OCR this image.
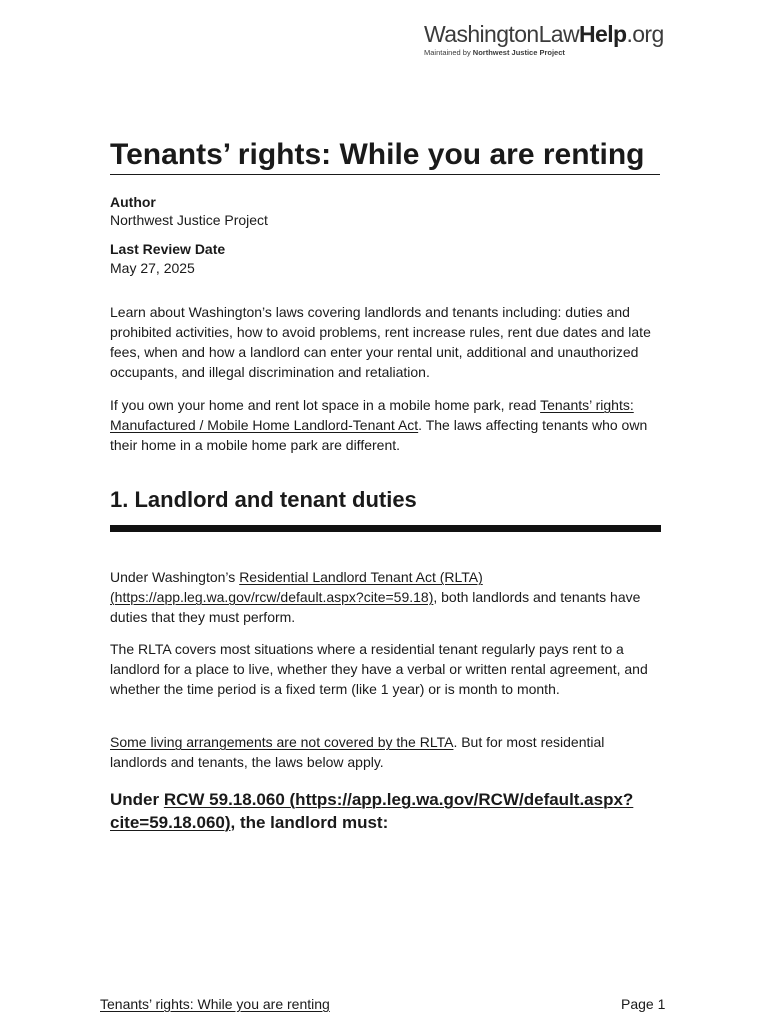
WashingtonLawHelp.org
Maintained by Northwest Justice Project
Tenants’ rights: While you are renting
Author
Northwest Justice Project
Last Review Date
May 27, 2025

Learn about Washington’s laws covering landlords and tenants including: duties and prohibited activities, how to avoid problems, rent increase rules, rent due dates and late fees, when and how a landlord can enter your rental unit, additional and unauthorized occupants, and illegal discrimination and retaliation.

If you own your home and rent lot space in a mobile home park, read Tenants’ rights: Manufactured / Mobile Home Landlord-Tenant Act. The laws affecting tenants who own their home in a mobile home park are different.

1. Landlord and tenant duties

Under Washington’s Residential Landlord Tenant Act (RLTA) (https://app.leg.wa.gov/rcw/default.aspx?cite=59.18), both landlords and tenants have duties that they must perform.

The RLTA covers most situations where a residential tenant regularly pays rent to a landlord for a place to live, whether they have a verbal or written rental agreement, and whether the time period is a fixed term (like 1 year) or is month to month.

Some living arrangements are not covered by the RLTA. But for most residential landlords and tenants, the laws below apply.

Under RCW 59.18.060 (https://app.leg.wa.gov/RCW/default.aspx?cite=59.18.060), the landlord must:
Tenants’ rights: While you are renting	Page 1
